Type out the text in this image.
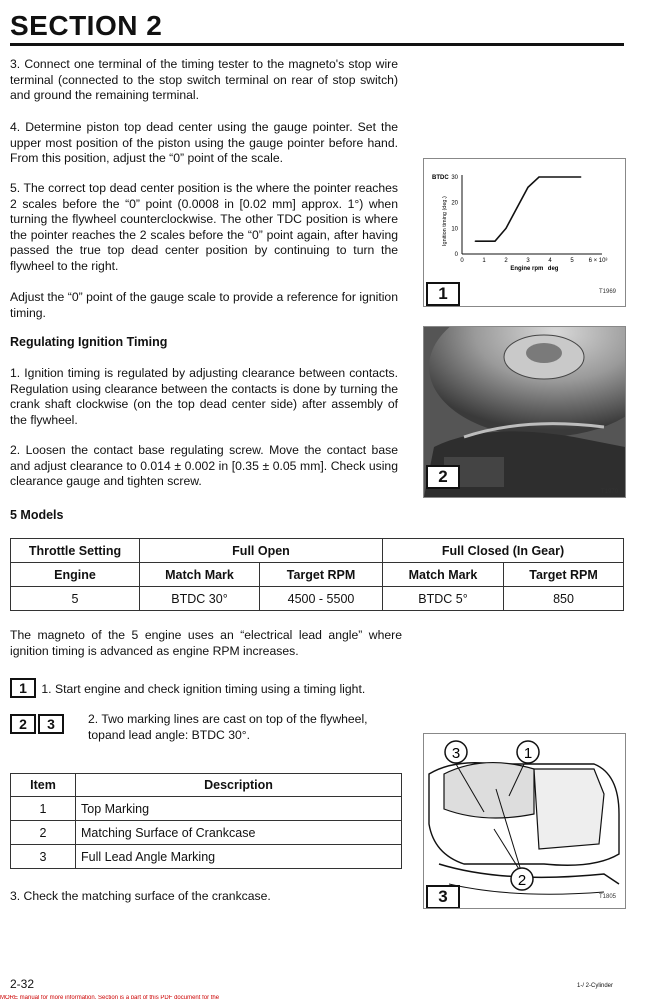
SECTION 2
3. Connect one terminal of the timing tester to the magneto's stop wire terminal (connected to the stop switch terminal on rear of stop switch) and ground the remaining terminal.
4. Determine piston top dead center using the gauge pointer. Set the upper most position of the piston using the gauge pointer before hand. From this position, adjust the “0” point of the scale.
5. The correct top dead center position is the where the pointer reaches 2 scales before the “0” point (0.0008 in [0.02 mm] approx. 1°) when turning the flywheel counterclockwise. The other TDC position is where the pointer reaches the 2 scales before the “0” point again, after having passed the true top dead center position by continuing to turn the flywheel to the right.
Adjust the “0” point of the gauge scale to provide a reference for ignition timing.
Regulating Ignition Timing
1. Ignition timing is regulated by adjusting clearance between contacts. Regulation using clearance between the contacts is done by turning the crank shaft clockwise (on the top dead center side) after assembly of the flywheel.
2. Loosen the contact base regulating screw. Move the contact base and adjust clearance to 0.014 ± 0.002 in [0.35 ± 0.05 mm]. Check using clearance gauge and tighten screw.
5 Models
0
10
20
30
0	1	2	3	4	5 6 × 10³
BTDC
Ignition timing (deg.)
Engine rpm deg
1	T1969
2
T1970
Throttle Setting	Full Open		Full Closed (In Gear)	
Engine	Match Mark	Target RPM	Match Mark	Target RPM
5	BTDC 30°	4500 - 5500	BTDC 5°	850
The magneto of the 5 engine uses an “electrical lead angle” where ignition timing is advanced as engine RPM increases.
1 1. Start engine and check ignition timing using a timing light.
2 3	2. Two marking lines are cast on top of the flywheel, topand lead angle: BTDC 30°.
Item	Description
1	Top Marking
2	Matching Surface of Crankcase
3	Full Lead Angle Marking
3. Check the matching surface of the crankcase.
3	1
2
3	T1805
2-32	1-/ 2-Cylinder
MORE manual for more information. Section is a part of this PDF document for the
